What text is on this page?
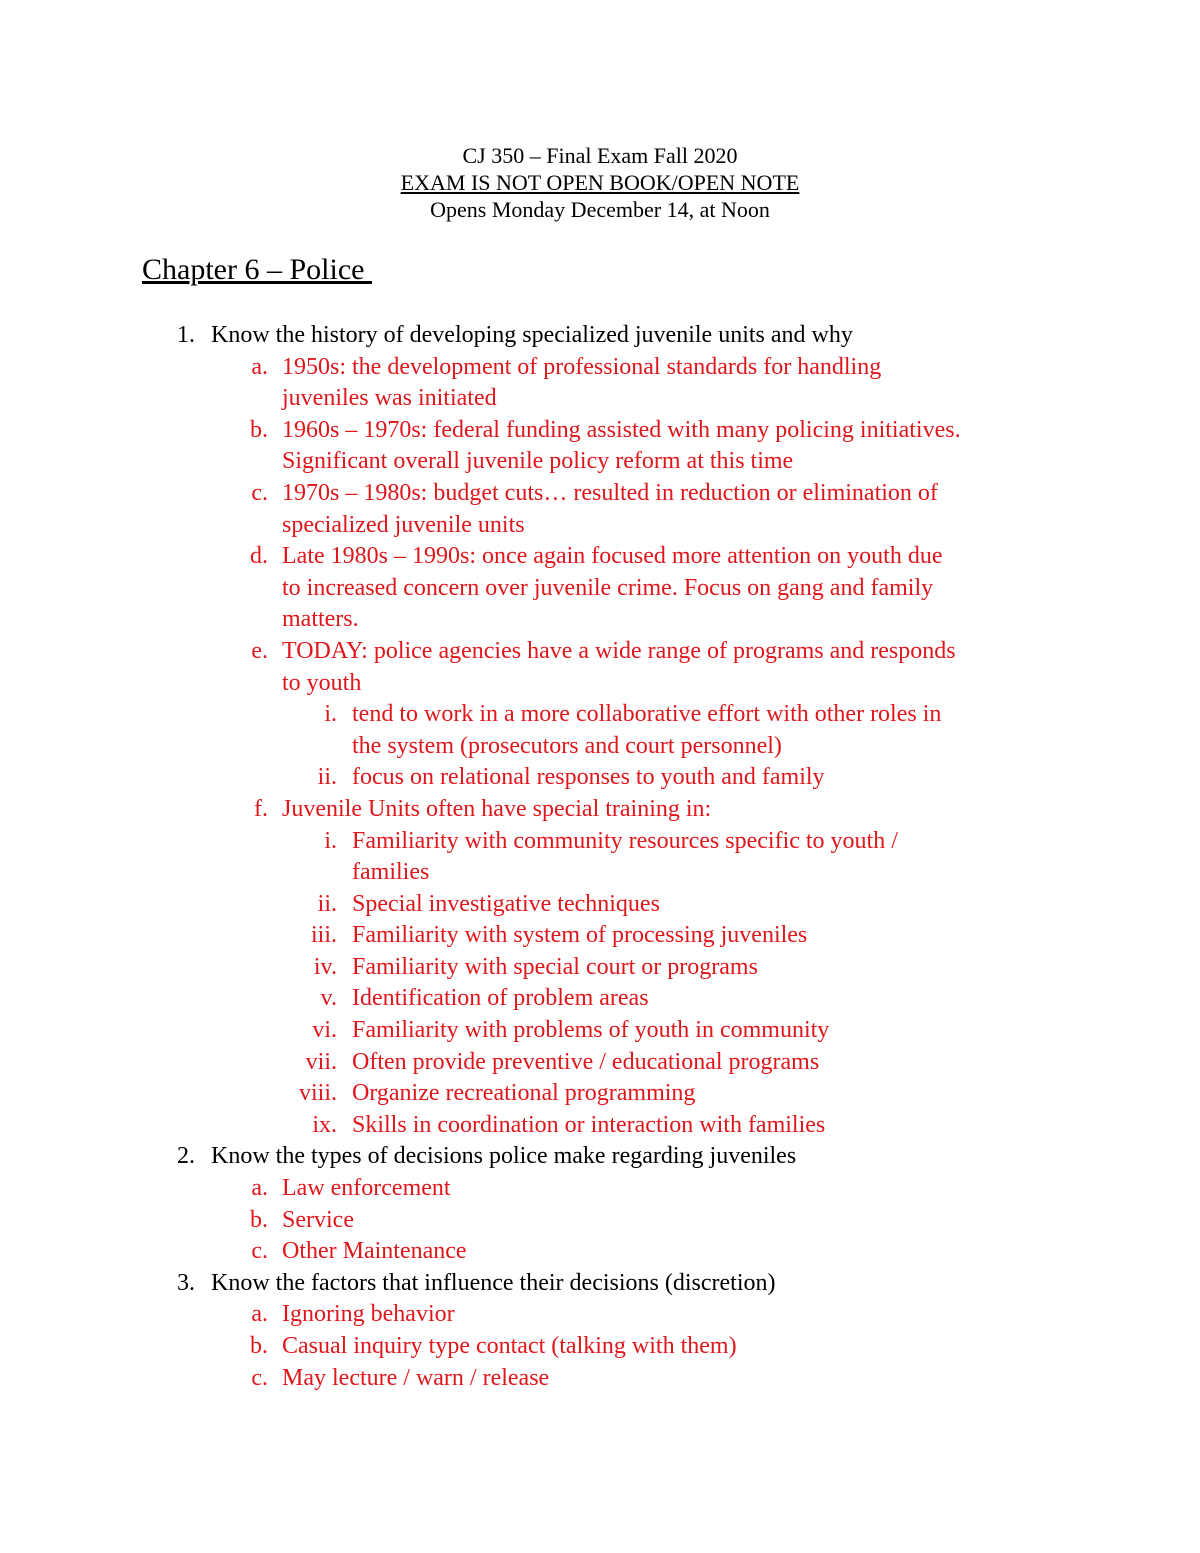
CJ 350 – Final Exam Fall 2020
EXAM IS NOT OPEN BOOK/OPEN NOTE
Opens Monday December 14, at Noon
Chapter 6 – Police
1. Know the history of developing specialized juvenile units and why
a. 1950s: the development of professional standards for handling
juveniles was initiated
b. 1960s – 1970s: federal funding assisted with many policing initiatives.
Significant overall juvenile policy reform at this time
c. 1970s – 1980s: budget cuts… resulted in reduction or elimination of
specialized juvenile units
d. Late 1980s – 1990s: once again focused more attention on youth due
to increased concern over juvenile crime. Focus on gang and family
matters.
e. TODAY: police agencies have a wide range of programs and responds
to youth
i. tend to work in a more collaborative effort with other roles in
the system (prosecutors and court personnel)
ii. focus on relational responses to youth and family
f. Juvenile Units often have special training in:
i. Familiarity with community resources specific to youth /
families
ii. Special investigative techniques
iii. Familiarity with system of processing juveniles
iv. Familiarity with special court or programs
v. Identification of problem areas
vi. Familiarity with problems of youth in community
vii. Often provide preventive / educational programs
viii. Organize recreational programming
ix. Skills in coordination or interaction with families
2. Know the types of decisions police make regarding juveniles
a. Law enforcement
b. Service
c. Other Maintenance
3. Know the factors that influence their decisions (discretion)
a. Ignoring behavior
b. Casual inquiry type contact (talking with them)
c. May lecture / warn / release
